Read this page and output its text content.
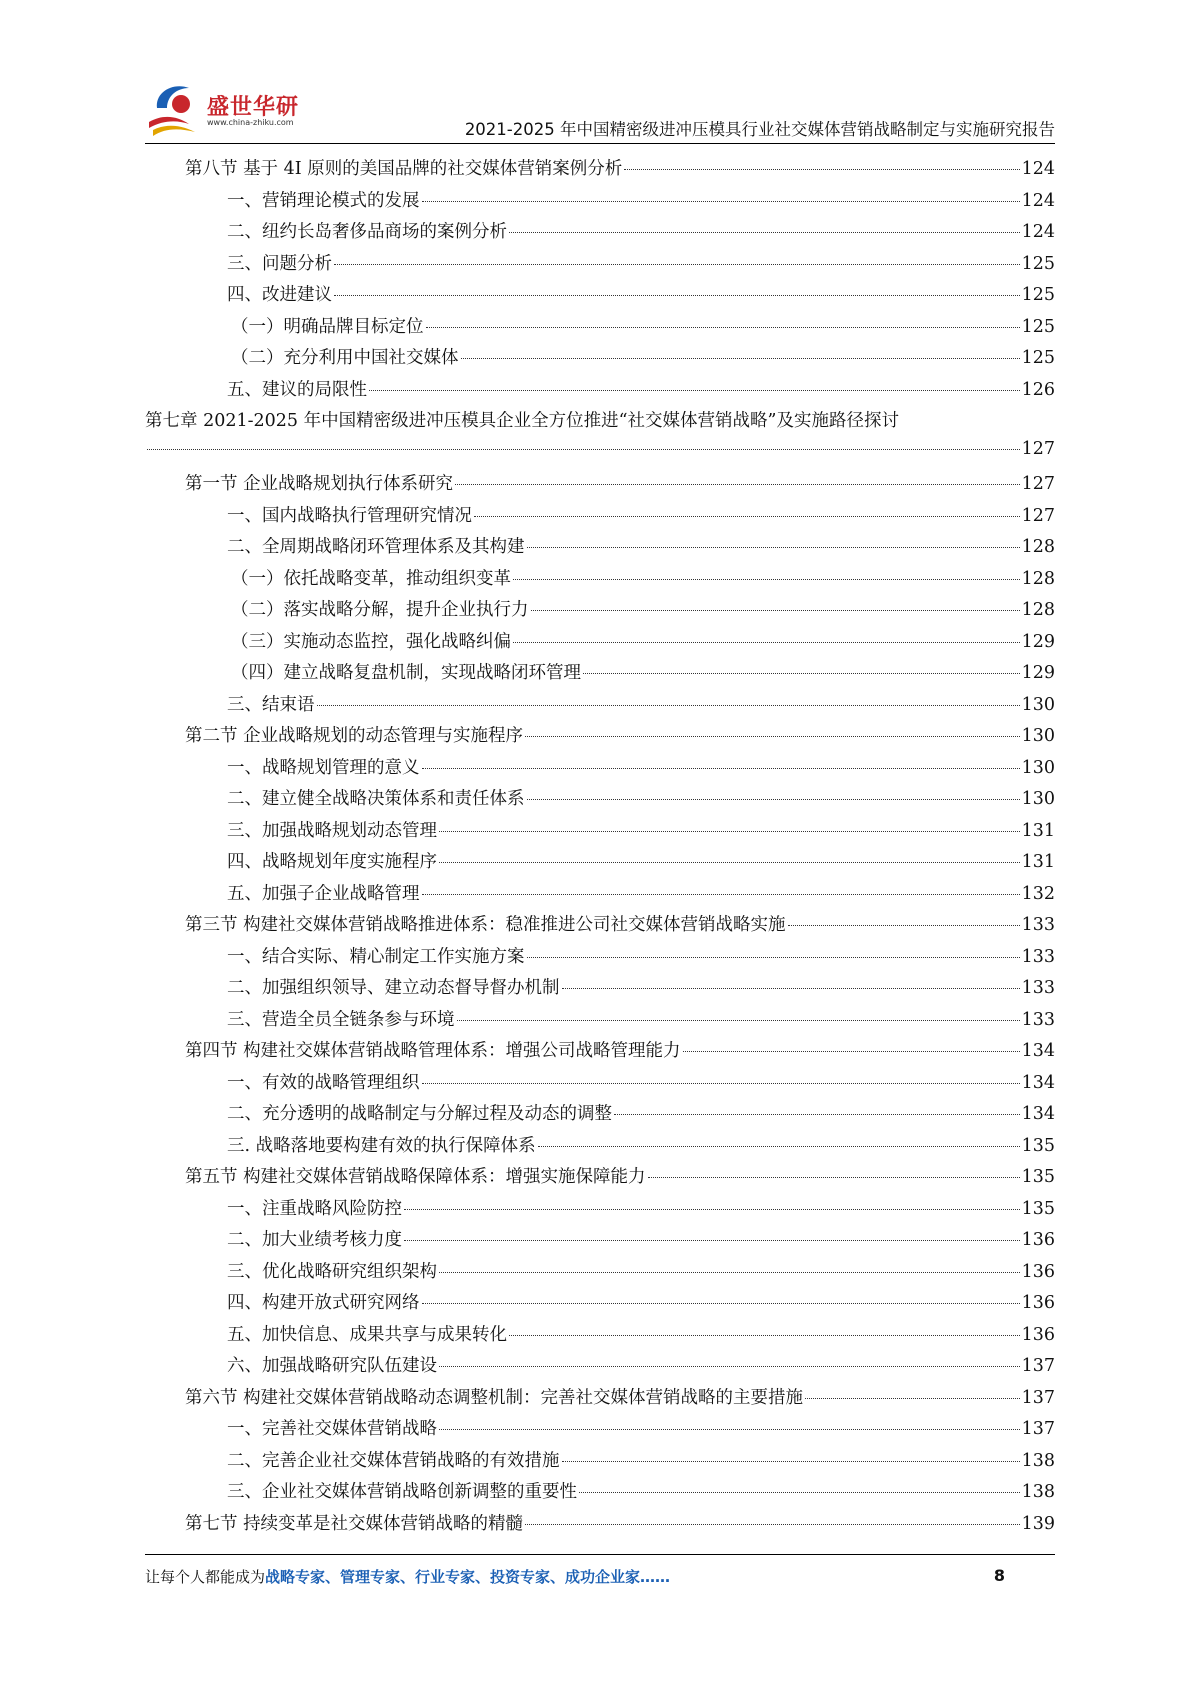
盛世华研
www.china-zhiku.com	2021-2025 年中国精密级进冲压模具行业社交媒体营销战略制定与实施研究报告
第八节 基于 4I 原则的美国品牌的社交媒体营销案例分析	124
一、营销理论模式的发展	124
二、纽约长岛奢侈品商场的案例分析	124
三、问题分析	125
四、改进建议	125
（一）明确品牌目标定位	125
（二）充分利用中国社交媒体	125
五、建议的局限性	126
第七章 2021-2025 年中国精密级进冲压模具企业全方位推进“社交媒体营销战略”及实施路径探讨
127
第一节 企业战略规划执行体系研究	127
一、国内战略执行管理研究情况	127
二、全周期战略闭环管理体系及其构建	128
（一）依托战略变革，推动组织变革	128
（二）落实战略分解，提升企业执行力	128
（三）实施动态监控，强化战略纠偏	129
（四）建立战略复盘机制，实现战略闭环管理	129
三、结束语	130
第二节 企业战略规划的动态管理与实施程序	130
一、战略规划管理的意义	130
二、建立健全战略决策体系和责任体系	130
三、加强战略规划动态管理	131
四、战略规划年度实施程序	131
五、加强子企业战略管理	132
第三节 构建社交媒体营销战略推进体系：稳准推进公司社交媒体营销战略实施	133
一、结合实际、精心制定工作实施方案	133
二、加强组织领导、建立动态督导督办机制	133
三、营造全员全链条参与环境	133
第四节 构建社交媒体营销战略管理体系：增强公司战略管理能力	134
一、有效的战略管理组织	134
二、充分透明的战略制定与分解过程及动态的调整	134
三. 战略落地要构建有效的执行保障体系	135
第五节 构建社交媒体营销战略保障体系：增强实施保障能力	135
一、注重战略风险防控	135
二、加大业绩考核力度	136
三、优化战略研究组织架构	136
四、构建开放式研究网络	136
五、加快信息、成果共享与成果转化	136
六、加强战略研究队伍建设	137
第六节 构建社交媒体营销战略动态调整机制：完善社交媒体营销战略的主要措施	137
一、完善社交媒体营销战略	137
二、完善企业社交媒体营销战略的有效措施	138
三、企业社交媒体营销战略创新调整的重要性	138
第七节 持续变革是社交媒体营销战略的精髓	139
让每个人都能成为战略专家、管理专家、行业专家、投资专家、成功企业家……	8
